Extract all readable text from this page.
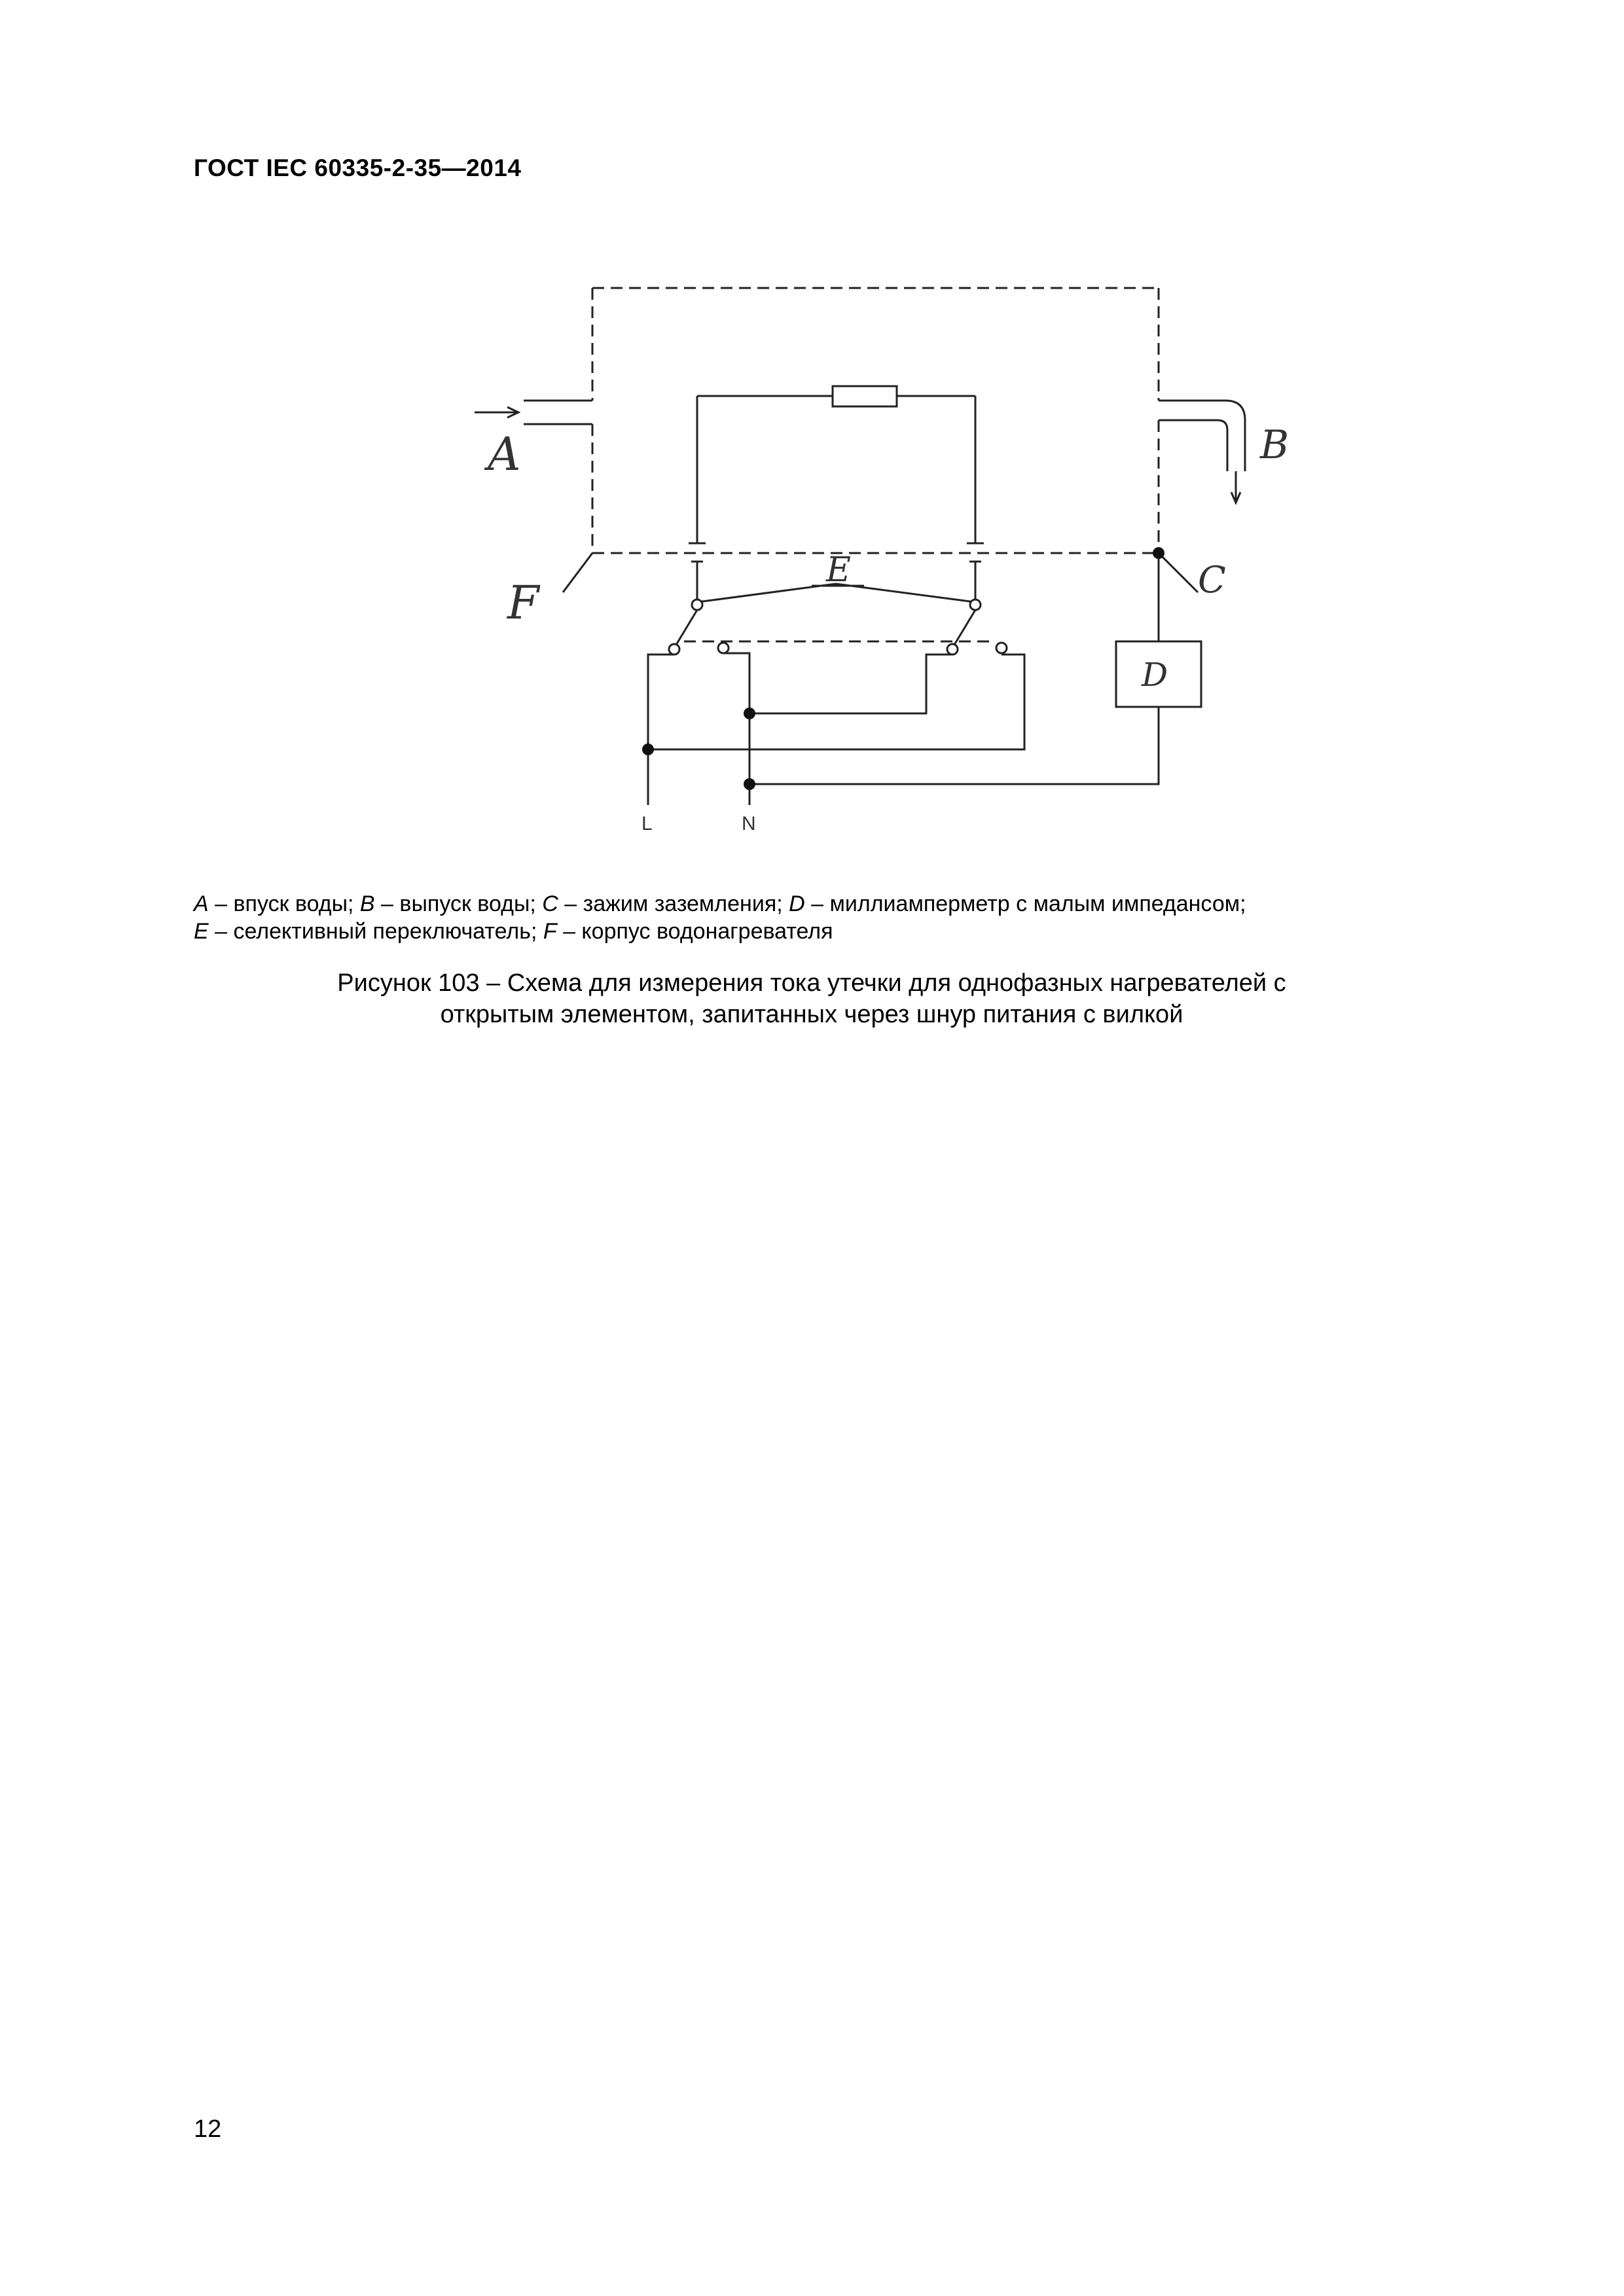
ГОСТ IEC 60335-2-35—2014
A	B
C
D
E
F
L	N
A – впуск воды; B – выпуск воды; C – зажим заземления; D – миллиамперметр с малым импедансом;
E – селективный переключатель; F – корпус водонагревателя
Рисунок 103 – Схема для измерения тока утечки для однофазных нагревателей с
открытым элементом, запитанных через шнур питания с вилкой
12
